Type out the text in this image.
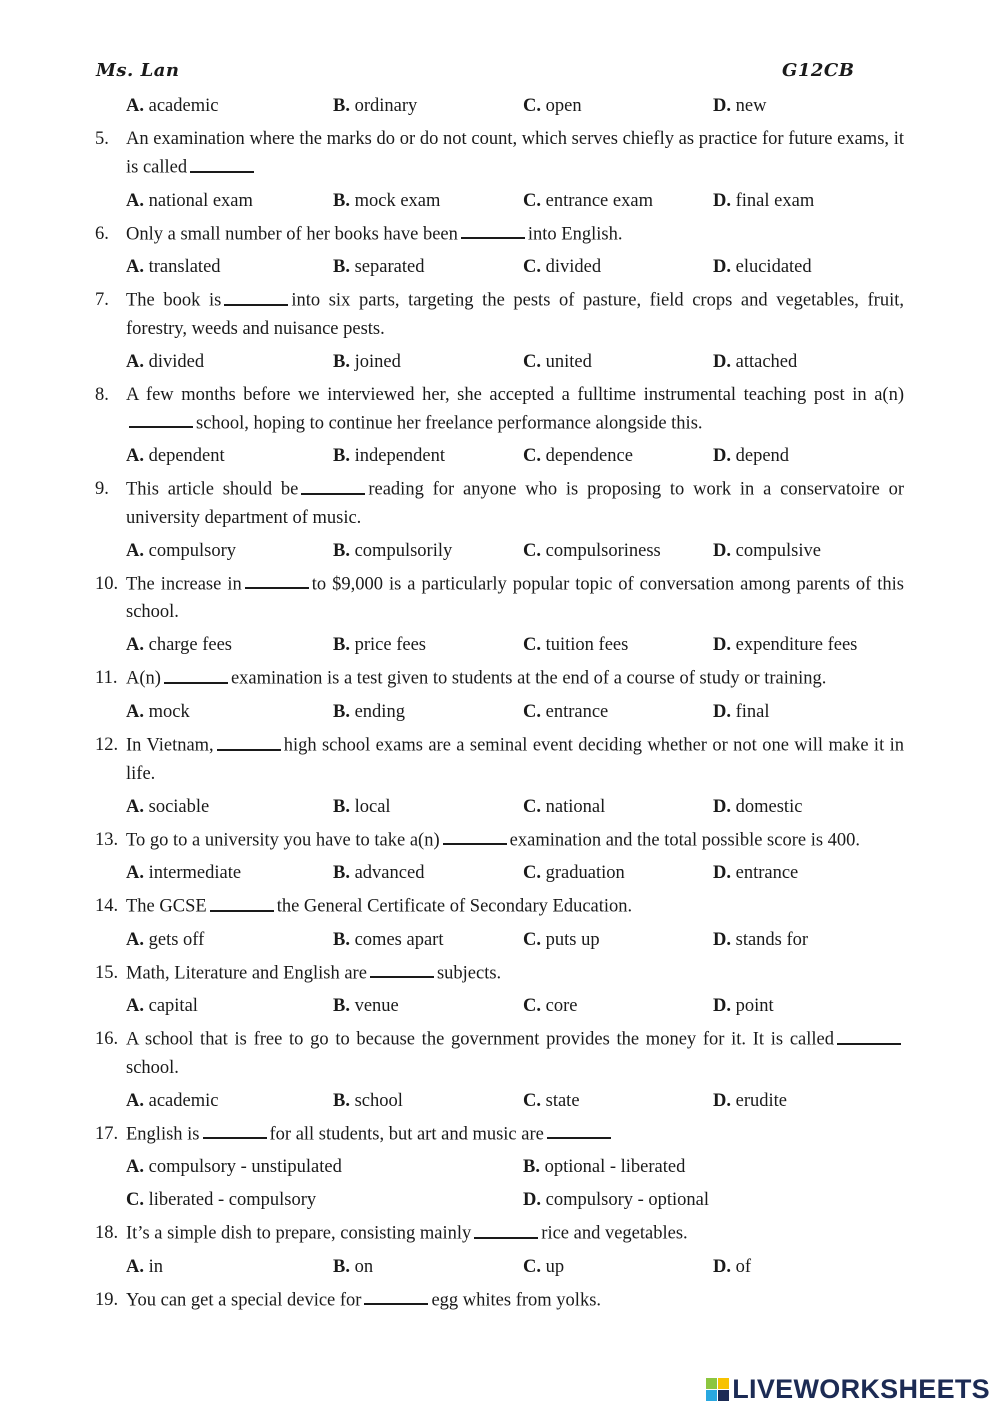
Ms. Lan	G12CB
A. academic	B. ordinary	C. open	D. new
5. An examination where the marks do or do not count, which serves chiefly as practice for future exams, it is called
A. national exam	B. mock exam	C. entrance exam	D. final exam
6. Only a small number of her books have been	into English.
A. translated	B. separated	C. divided	D. elucidated
7. The book is	into six parts, targeting the pests of pasture, field crops and vegetables, fruit, forestry, weeds and nuisance pests.
A. divided	B. joined	C. united	D. attached
8. A few months before we interviewed her, she accepted a fulltime instrumental teaching post in a(n)school, hoping to continue her freelance performance alongside this.
A. dependent	B. independent	C. dependence	D. depend
9. This article should be	reading for anyone who is proposing to work in a conservatoire or university department of music.
A. compulsory	B. compulsorily	C. compulsoriness	D. compulsive
10. The increase in	to $9,000 is a particularly popular topic of conversation among parents of this school.
A. charge fees	B. price fees	C. tuition fees	D. expenditure fees
11. A(n)	examination is a test given to students at the end of a course of study or training.
A. mock	B. ending	C. entrance	D. final
12. In Vietnam,	high school exams are a seminal event deciding whether or not one will make it in life.
A. sociable	B. local	C. national	D. domestic
13. To go to a university you have to take a(n)	examination and the total possible score is 400.
A. intermediate	B. advanced	C. graduation	D. entrance
14. The GCSE	the General Certificate of Secondary Education.
A. gets off	B. comes apart	C. puts up	D. stands for
15. Math, Literature and English are	subjects.
A. capital	B. venue	C. core	D. point
16. A school that is free to go to because the government provides the money for it. It is calledschool.
A. academic	B. school	C. state	D. erudite
17. English is	for all students, but art and music are
A. compulsory - unstipulated	B. optional - liberated
C. liberated - compulsory	D. compulsory - optional
18. It’s a simple dish to prepare, consisting mainly	rice and vegetables.
A. in	B. on	C. up	D. of
19. You can get a special device for	egg whites from yolks.
LIVEWORKSHEETS
